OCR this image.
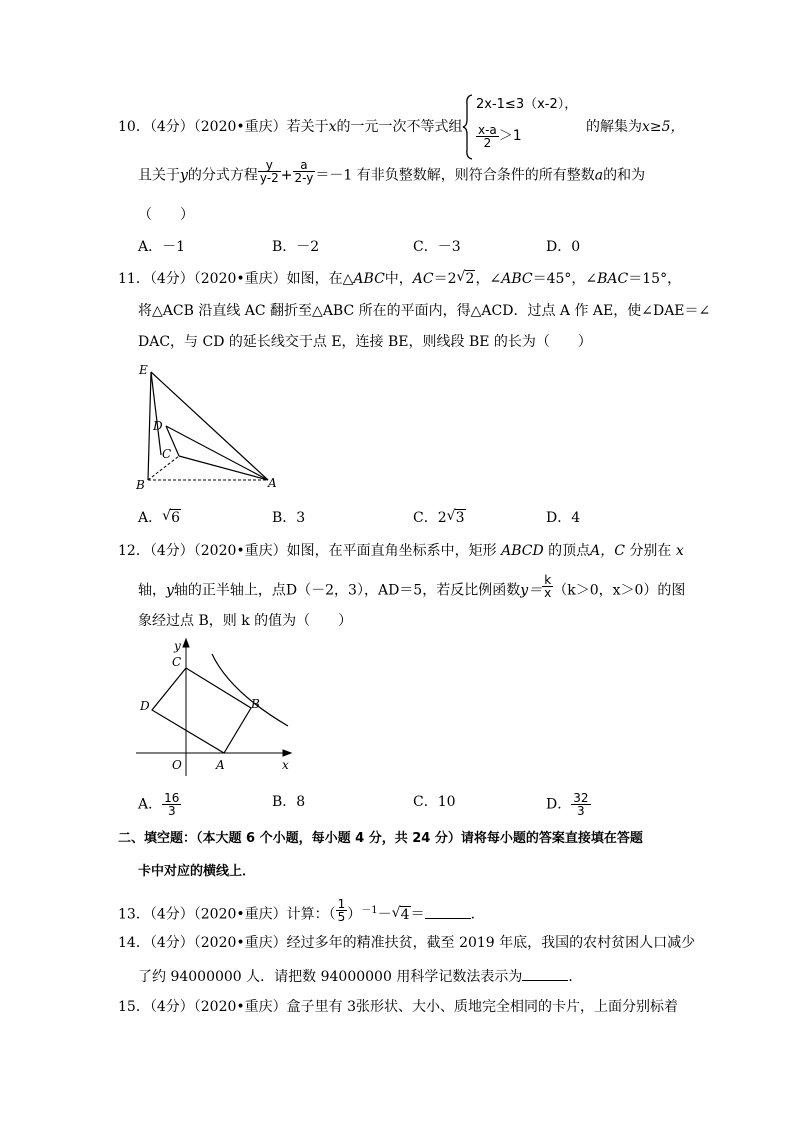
10．（4分）（2020•重庆）若关于x的一元一次不等式组
2x-1≤3（x-2），
$\frac{x-a}{2} >1$
的解集为x≥5，
且关于y的分式方程 $\frac{y}{y-2} + \frac{a}{2-y} =-1$ 有非负整数解，则符合条件的所有整数a的和为
（　　）
A．－1	B．－2	C．－3	D．0
11．（4分）（2020•重庆）如图，在△ABC中，AC＝2 √ 2，∠ABC＝45°，∠BAC＝15°，
将△ACB 沿直线 AC 翻折至△ABC 所在的平面内，得△ACD．过点 A 作 AE，使∠DAE＝∠
DAC，与 CD 的延长线交于点 E，连接 BE，则线段 BE 的长为（　　）
E
D
C
B	A
A． √ 6	B．3	C．2 √ 3	D．4
12．（4分）（2020•重庆）如图，在平面直角坐标系中，矩形 ABCD 的顶点A，C 分别在 x
轴，y轴的正半轴上，点D（－2，3），AD＝5，若反比例函数$y= \frac{k}{x} (k>0$，x＞0）的图
象经过点 B，则 k 的值为（　　）
y
C
D	B
O	A	x
A． $\frac{16}{3}$	B．8	C．10	D． $\frac{32}{3}$
二、填空题：（本大题 6 个小题，每小题 4 分，共 24 分）请将每小题的答案直接填在答题
卡中对应的横线上．
13．（4分）（2020•重庆）计算：（ $\frac{1}{5} )^{-1}-$ √ 4＝	．
14．（4分）（2020•重庆）经过多年的精准扶贫，截至 2019 年底，我国的农村贫困人口减少
了约 94000000 人．请把数 94000000 用科学记数法表示为	．
15．（4分）（2020•重庆）盒子里有 3张形状、大小、质地完全相同的卡片，上面分别标着
